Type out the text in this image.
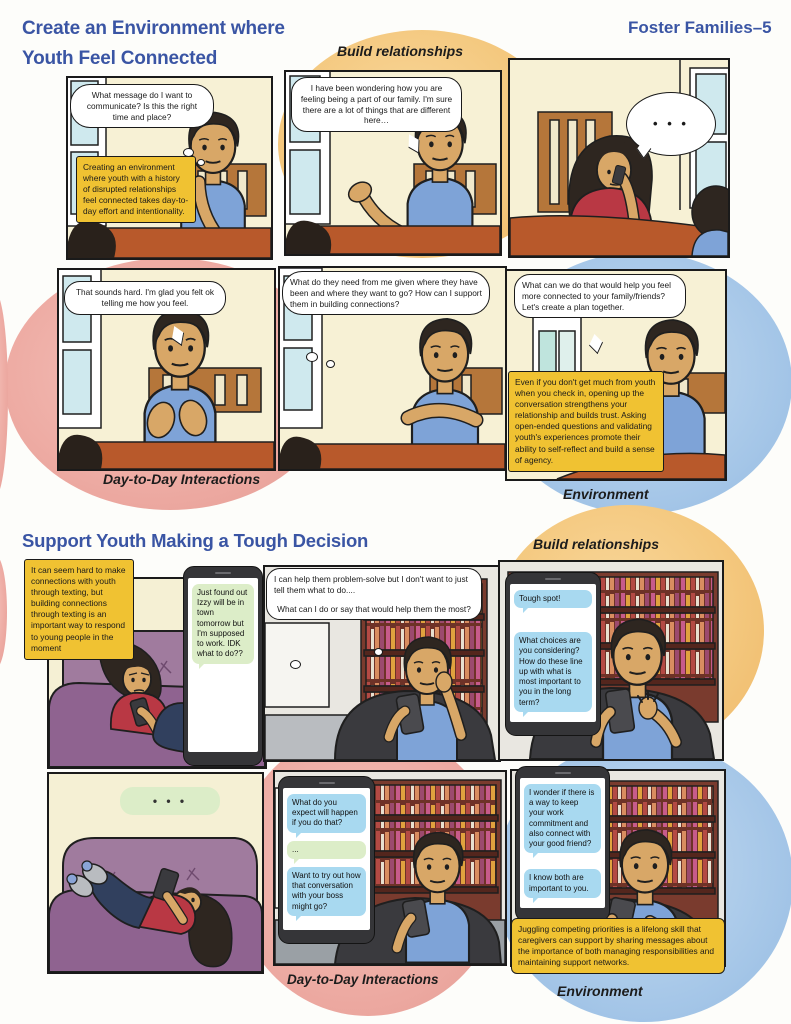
Create an Environment where Youth Feel Connected
Foster Families–5
Build relationships
Day-to-Day Interactions
Environment
Support Youth Making a Tough Decision	Build relationships
Day-to-Day Interactions
Environment
What message do I want to communicate? Is this the right time and place?
Creating an environment where youth with a history of disrupted relationships feel connected takes day-to-day effort and intentionality.
I have been wondering how you are feeling being a part of our family. I'm sure there are a lot of things that are different here…	• • •
That sounds hard. I'm glad you felt ok telling me how you feel.
What do they need from me given where they have been and where they want to go? How can I support them in building connections?
What can we do that would help you feel more connected to your family/friends? Let's create a plan together.
Even if you don't get much from youth when you check in, opening up the conversation strengthens your relationship and builds trust. Asking open-ended questions and validating youth's experiences promote their ability to self-reflect and build a sense of agency.
It can seem hard to make connections with youth through texting, but building connections through texting is an important way to respond to young people in the moment
Just found out Izzy will be in town tomorrow but I'm supposed to work. IDK what to do??
I can help them problem-solve but I don't want to just tell them what to do....
What can I do or say that would help them the most?
Tough spot!
What choices are you considering? How do these line up with what is most important to you in the long term?
• • •	What do you expect will happen if you do that?
...
Want to try out how that conversation with your boss might go?
I wonder if there is a way to keep your work commitment and also connect with your good friend?
I know both are important to you.
Juggling competing priorities is a lifelong skill that caregivers can support by sharing messages about the importance of both managing responsibilities and maintaining support networks.
